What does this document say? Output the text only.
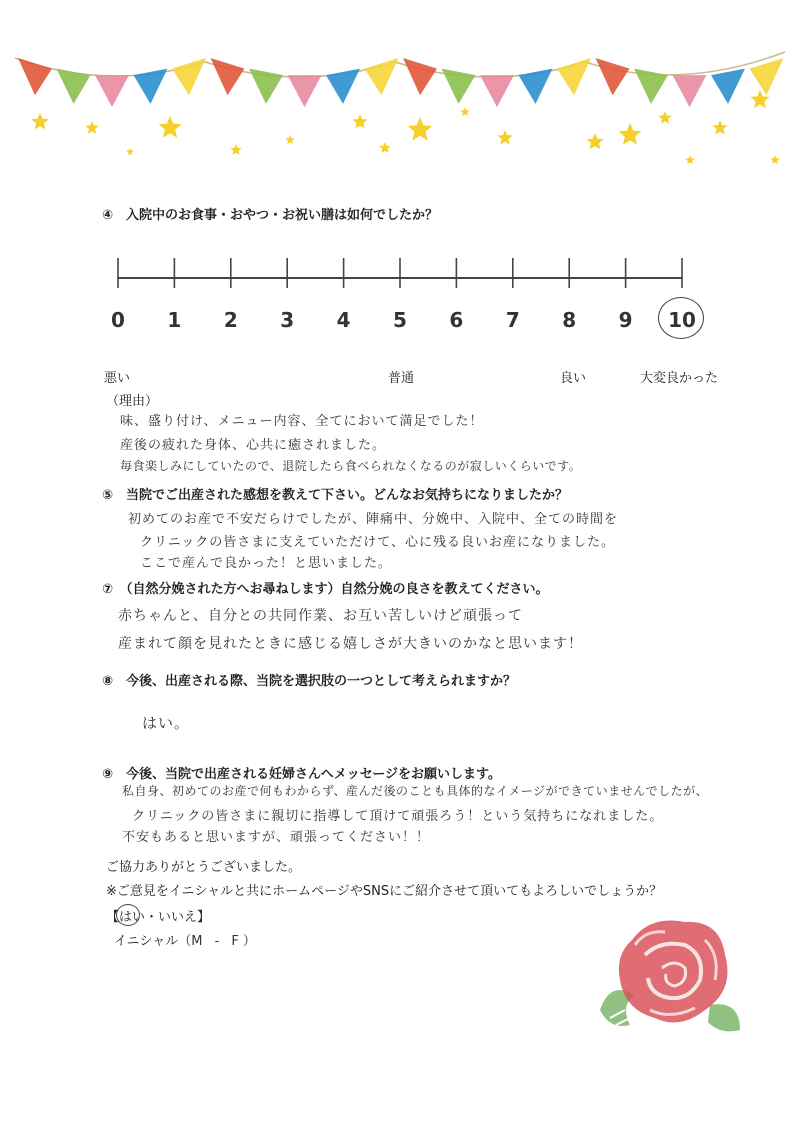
④　入院中のお食事・おやつ・お祝い膳は如何でしたか？
0 1 2 3 4 5 6 7 8 9 10
悪い	普通	良い	大変良かった
（理由）
味、盛り付け、メニュー内容、全てにおいて満足でした！
産後の疲れた身体、心共に癒されました。
毎食楽しみにしていたので、退院したら食べられなくなるのが寂しいくらいです。
⑤　当院でご出産された感想を教えて下さい。どんなお気持ちになりましたか？
初めてのお産で不安だらけでしたが、陣痛中、分娩中、入院中、全ての時間を
クリニックの皆さまに支えていただけて、心に残る良いお産になりました。
ここで産んで良かった！と思いました。
⑦　（自然分娩された方へお尋ねします）自然分娩の良さを教えてください。
赤ちゃんと、自分との共同作業、お互い苦しいけど頑張って
産まれて顔を見れたときに感じる嬉しさが大きいのかなと思います！
⑧　今後、出産される際、当院を選択肢の一つとして考えられますか？
はい。
⑨　今後、当院で出産される妊婦さんへメッセージをお願いします。
私自身、初めてのお産で何もわからず、産んだ後のことも具体的なイメージができていませんでしたが、
クリニックの皆さまに親切に指導して頂けて頑張ろう！という気持ちになれました。
不安もあると思いますが、頑張ってください！！
ご協力ありがとうございました。
※ご意見をイニシャルと共にホームページやSNSにご紹介させて頂いてもよろしいでしょうか？
【はい・いいえ】
イニシャル（M - F）
